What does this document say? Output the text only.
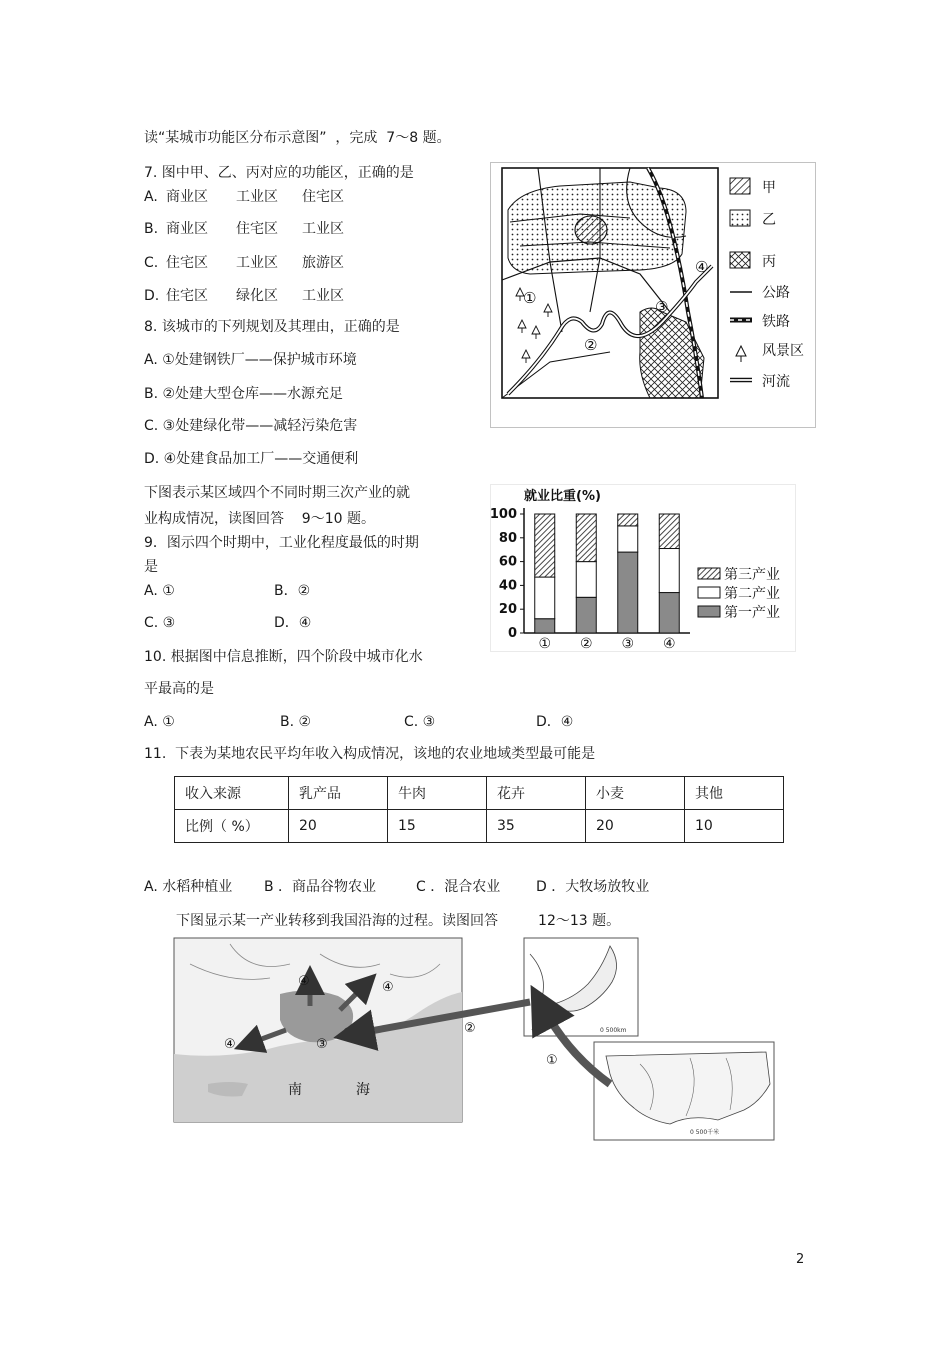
读“某城市功能区分布示意图”  ，完成  7～8 题。
7. 图中甲、乙、丙对应的功能区，正确的是
A. 商业区 工业区 住宅区
B. 商业区 住宅区 工业区
C. 住宅区 工业区 旅游区
D. 住宅区 绿化区 工业区
8. 该城市的下列规划及其理由，正确的是
A. ①处建钢铁厂——保护城市环境
B. ②处建大型仓库——水源充足
C. ③处建绿化带——减轻污染危害
D. ④处建食品加工厂——交通便利
①
②
③
④
甲
乙
丙
公路
铁路
风景区
河流
下图表示某区域四个不同时期三次产业的就
业构成情况，读图回答    9～10 题。
9．图示四个时期中，工业化程度最低的时期
是
A. ①	B．②
C. ③	D．④
就业比重(%)
0
20
40
60
80
100
① ② ③ ④
第三产业
第二产业
第一产业
10. 根据图中信息推断，四个阶段中城市化水
平最高的是
A. ①	B. ②	C. ③	D．④
11.  下表为某地农民平均年收入构成情况，该地的农业地域类型最可能是
收入来源	乳产品	牛肉	花卉	小麦	其他
比例（ %）	20	15	35	20	10
A. 水稻种植业 B ．商品谷物农业	C ．混合农业	D ．大牧场放牧业
下图显示某一产业转移到我国沿海的过程。读图回答         12～13 题。
南	海
④	④
④	③
0 500km
0 500千米
②
①
2
